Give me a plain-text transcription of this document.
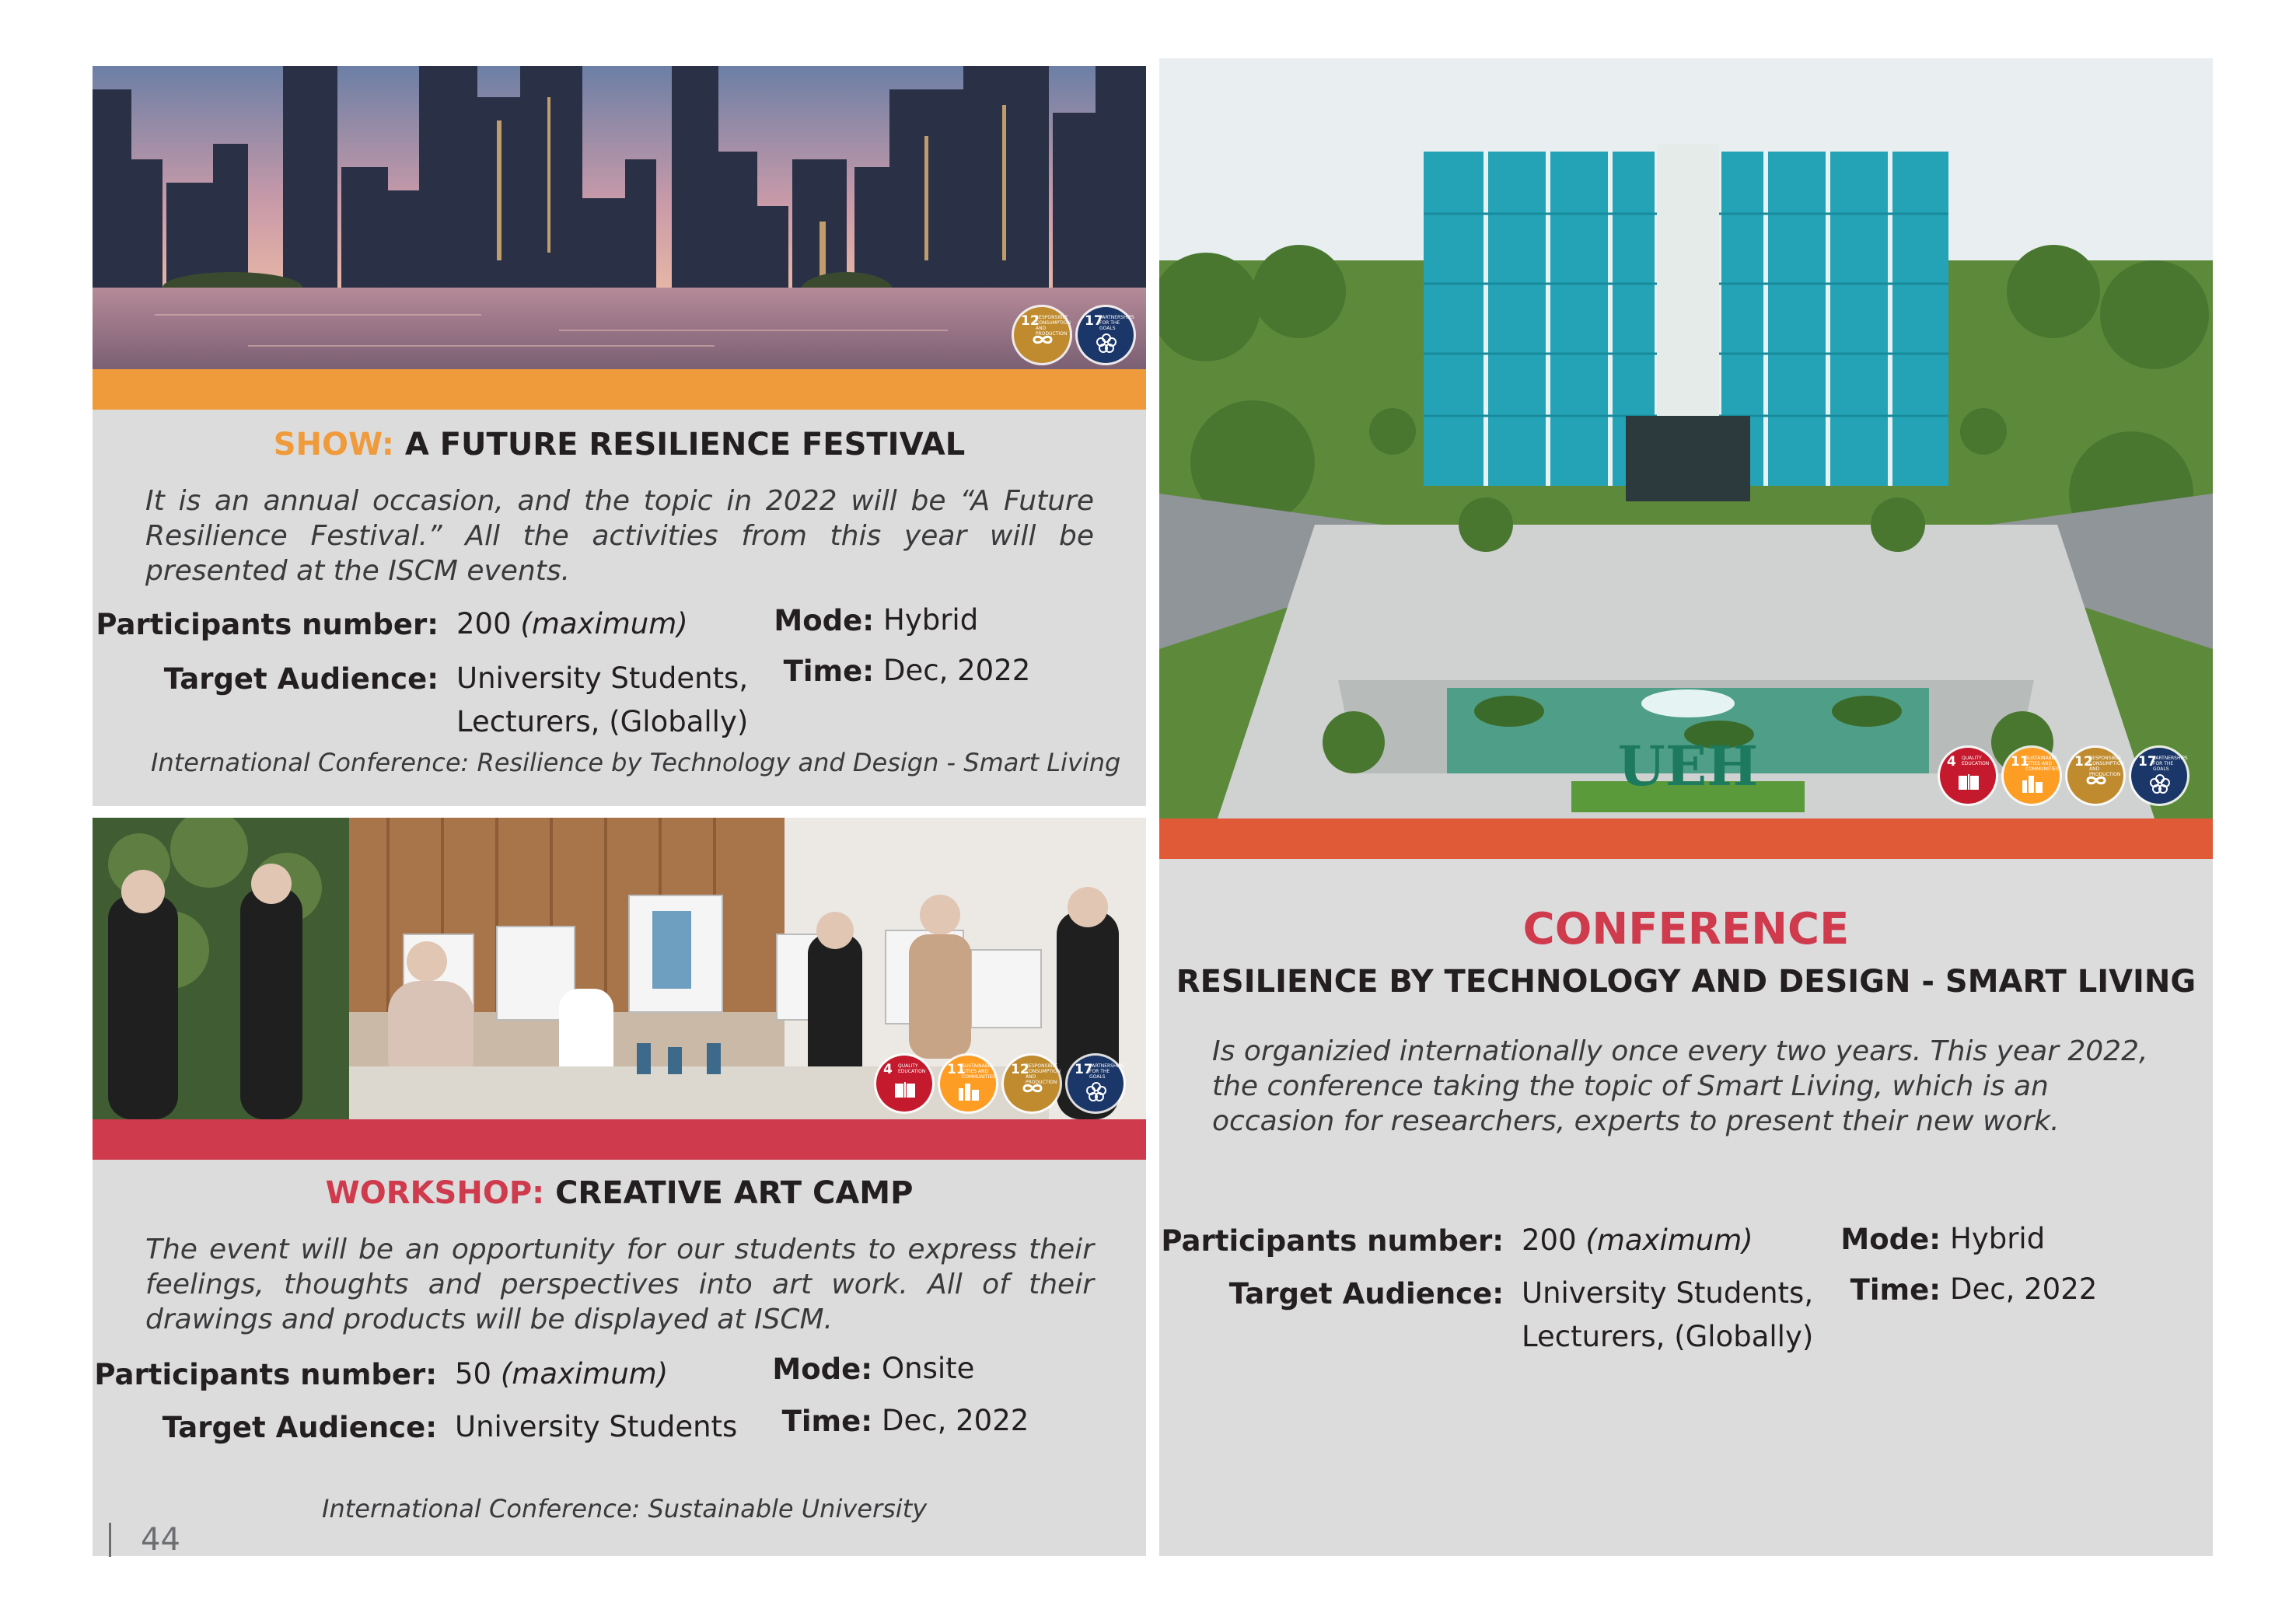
12
RESPONSIBLE CONSUMPTION AND PRODUCTION
17
PARTNERSHIPS FOR THE GOALS
SHOW: A FUTURE RESILIENCE FESTIVAL
It is an annual occasion, and the topic in 2022 will be “A Future Resilience Festival.” All the activities from this year will be presented at the ISCM events.
Participants number: 200 (maximum)
Target Audience: University Students,
Lecturers, (Globally)
Mode: Hybrid
Time: Dec, 2022
International Conference: Resilience by Technology and Design - Smart Living
4 QUALITY EDUCATION 11
SUSTAINABLE CITIES AND COMMUNITIES 12
RESPONSIBLE CONSUMPTION AND PRODUCTION
17
PARTNERSHIPS FOR THE GOALS
WORKSHOP: CREATIVE ART CAMP
The event will be an opportunity for our students to express their feelings, thoughts and perspectives into art work. All of their drawings and products will be displayed at ISCM.
Participants number: 50 (maximum)
Target Audience: University Students
Mode: Onsite
Time: Dec, 2022
International Conference: Sustainable University
UEH	4 QUALITY EDUCATION 11
SUSTAINABLE CITIES AND COMMUNITIES 12
RESPONSIBLE CONSUMPTION AND PRODUCTION
17
PARTNERSHIPS FOR THE GOALS
CONFERENCE
RESILIENCE BY TECHNOLOGY AND DESIGN - SMART LIVING
Is organizied internationally once every two years. This year 2022, the conference taking the topic of Smart Living, which is an occasion for researchers, experts to present their new work.
Participants number: 200 (maximum)
Target Audience: University Students,
Lecturers, (Globally)
Mode: Hybrid
Time: Dec, 2022
44
